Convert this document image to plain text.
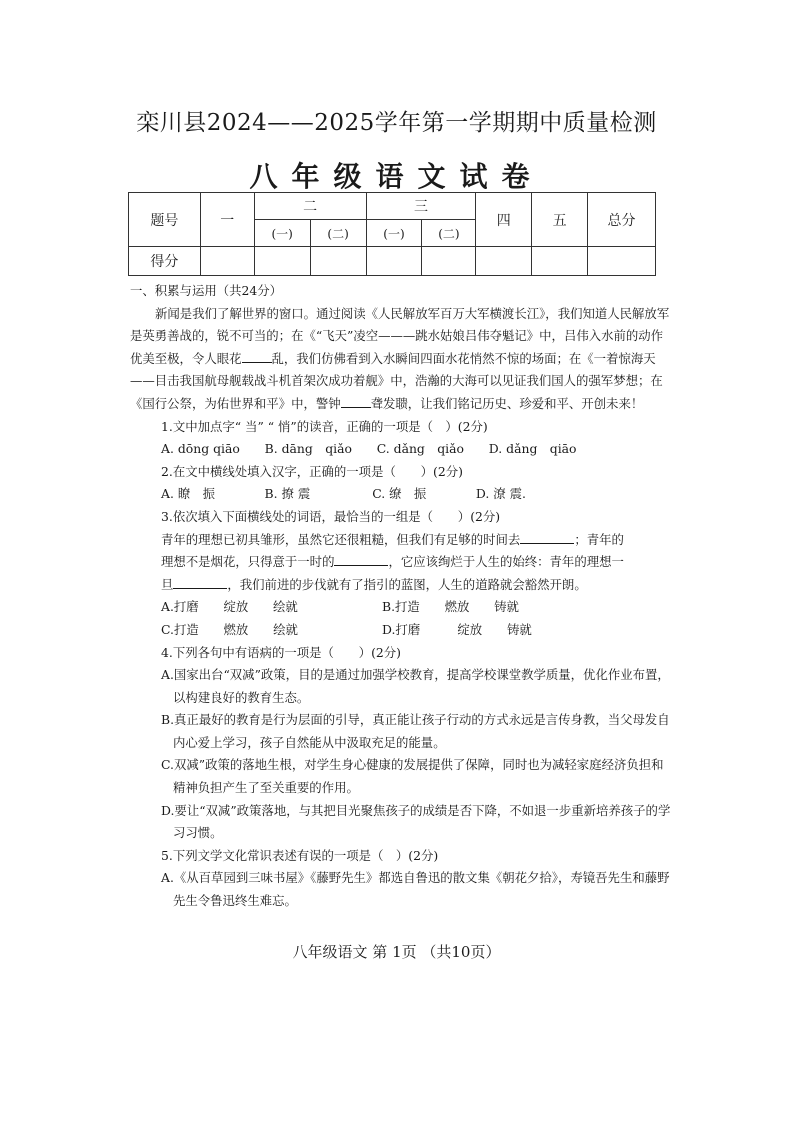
栾川县2024——2025学年第一学期期中质量检测
八年级语文试卷
题号	一	二		三		四	五	总分
		(一)	(二)	(一)	(二)			
得分								

一、积累与运用（共24分）

新闻是我们了解世界的窗口。通过阅读《人民解放军百万大军横渡长江》，我们知道人民解放军是英勇善战的，锐不可当的；在《“飞天”凌空———跳水姑娘吕伟夺魁记》中，吕伟入水前的动作优美至极，令人眼花 乱，我们仿佛看到入水瞬间四面水花悄然不惊的场面；在《一着惊海天——目击我国航母舰载战斗机首架次成功着舰》中，浩瀚的大海可以见证我们国人的强军梦想；在《国行公祭，为佑世界和平》中，警钟 聋发聩，让我们铭记历史、珍爱和平、开创未来！

1.文中加点字“ 当” “ 悄”的读音，正确的一项是（　）(2分)

A. dōng qiāo　　B. dāng　qiǎo　　C. dǎng　qiǎo　　D. dǎng　qiāo

2.在文中横线处填入汉字，正确的一项是（　　）(2分)

A. 瞭　振　　　　B. 撩 震　　　　　C. 缭　振　　　　D. 潦 震.

3.依次填入下面横线处的词语，最恰当的一组是（　　）(2分)

青年的理想已初具雏形，虽然它还很粗糙，但我们有足够的时间去	；青年的
理想不是烟花，只得意于一时的	，它应该绚烂于人生的始终：青年的理想一
旦	，我们前进的步伐就有了指引的蓝图，人生的道路就会豁然开朗。

A.打磨　　绽放　　绘就	B.打造　　燃放　　铸就

C.打造　　燃放　　绘就	D.打磨　　　绽放　　铸就

4.下列各句中有语病的一项是（　　）(2分)

A.国家出台“双减”政策，目的是通过加强学校教育，提高学校课堂教学质量，优化作业布置，以构建良好的教育生态。

B.真正最好的教育是行为层面的引导，真正能让孩子行动的方式永远是言传身教，当父母发自内心爱上学习，孩子自然能从中汲取充足的能量。

C.双减”政策的落地生根，对学生身心健康的发展提供了保障，同时也为减轻家庭经济负担和精神负担产生了至关重要的作用。

D.要让“双减”政策落地，与其把目光聚焦孩子的成绩是否下降，不如退一步重新培养孩子的学习习惯。

5.下列文学文化常识表述有误的一项是（　）(2分)

A.《从百草园到三味书屋》《藤野先生》都选自鲁迅的散文集《朝花夕拾》，寿镜吾先生和藤野先生令鲁迅终生难忘。

八年级语文 第 1页 （共10页）
